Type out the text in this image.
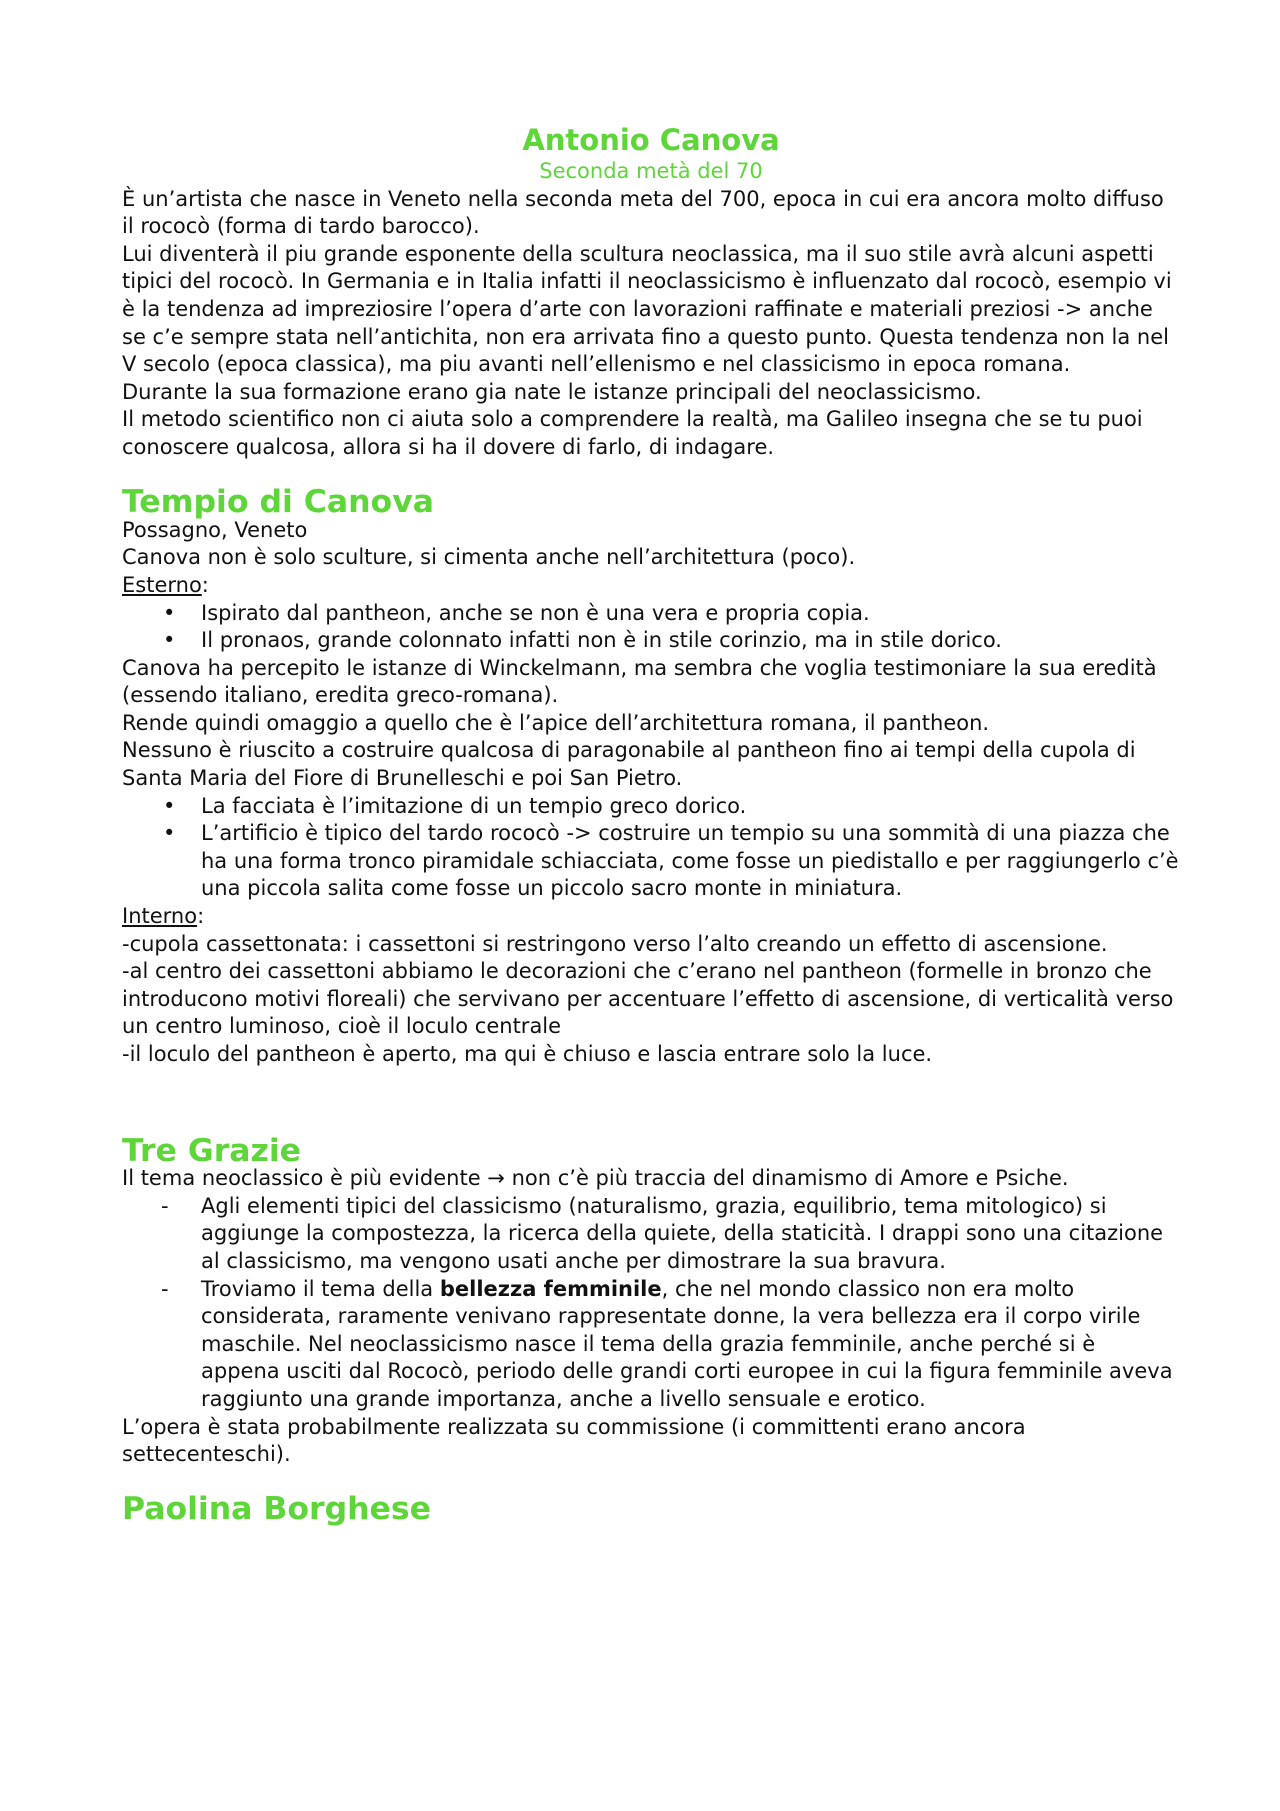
Antonio Canova

Seconda metà del 70

È un’artista che nasce in Veneto nella seconda meta del 700, epoca in cui era ancora molto diffuso il rococò (forma di tardo barocco).

Lui diventerà il piu grande esponente della scultura neoclassica, ma il suo stile avrà alcuni aspetti tipici del rococò. In Germania e in Italia infatti il neoclassicismo è influenzato dal rococò, esempio vi è la tendenza ad impreziosire l’opera d’arte con lavorazioni raffinate e materiali preziosi -> anche se c’e sempre stata nell’antichita, non era arrivata fino a questo punto. Questa tendenza non la nel V secolo (epoca classica), ma piu avanti nell’ellenismo e nel classicismo in epoca romana.

Durante la sua formazione erano gia nate le istanze principali del neoclassicismo.

Il metodo scientifico non ci aiuta solo a comprendere la realtà, ma Galileo insegna che se tu puoi conoscere qualcosa, allora si ha il dovere di farlo, di indagare.

Tempio di Canova

Possagno, Veneto

Canova non è solo sculture, si cimenta anche nell’architettura (poco).

Esterno:

• Ispirato dal pantheon, anche se non è una vera e propria copia.
• Il pronaos, grande colonnato infatti non è in stile corinzio, ma in stile dorico.

Canova ha percepito le istanze di Winckelmann, ma sembra che voglia testimoniare la sua eredità (essendo italiano, eredita greco-romana).

Rende quindi omaggio a quello che è l’apice dell’architettura romana, il pantheon.

Nessuno è riuscito a costruire qualcosa di paragonabile al pantheon fino ai tempi della cupola di Santa Maria del Fiore di Brunelleschi e poi San Pietro.

• La facciata è l’imitazione di un tempio greco dorico.
• L’artificio è tipico del tardo rococò -> costruire un tempio su una sommità di una piazza che ha una forma tronco piramidale schiacciata, come fosse un piedistallo e per raggiungerlo c’è una piccola salita come fosse un piccolo sacro monte in miniatura.

Interno:

-cupola cassettonata: i cassettoni si restringono verso l’alto creando un effetto di ascensione.

-al centro dei cassettoni abbiamo le decorazioni che c’erano nel pantheon (formelle in bronzo che introducono motivi floreali) che servivano per accentuare l’effetto di ascensione, di verticalità verso un centro luminoso, cioè il loculo centrale

-il loculo del pantheon è aperto, ma qui è chiuso e lascia entrare solo la luce.

Tre Grazie

Il tema neoclassico è più evidente → non c’è più traccia del dinamismo di Amore e Psiche.

- Agli elementi tipici del classicismo (naturalismo, grazia, equilibrio, tema mitologico) si aggiunge la compostezza, la ricerca della quiete, della staticità. I drappi sono una citazione al classicismo, ma vengono usati anche per dimostrare la sua bravura.
- Troviamo il tema della bellezza femminile, che nel mondo classico non era molto considerata, raramente venivano rappresentate donne, la vera bellezza era il corpo virile maschile. Nel neoclassicismo nasce il tema della grazia femminile, anche perché si è appena usciti dal Rococò, periodo delle grandi corti europee in cui la figura femminile aveva raggiunto una grande importanza, anche a livello sensuale e erotico.

L’opera è stata probabilmente realizzata su commissione (i committenti erano ancora settecenteschi).

Paolina Borghese
